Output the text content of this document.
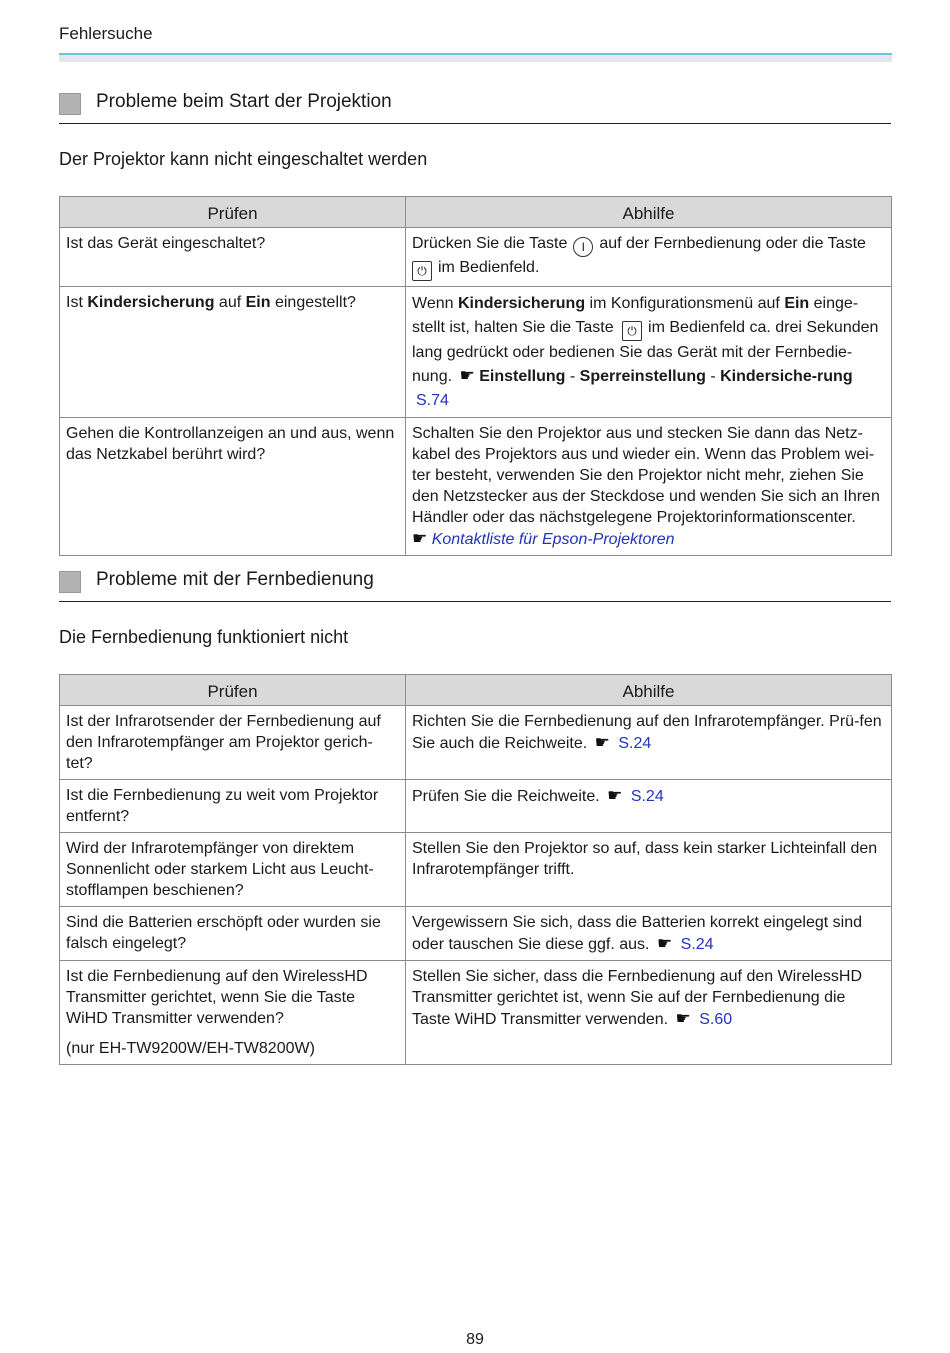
Fehlersuche
Probleme beim Start der Projektion
Der Projektor kann nicht eingeschaltet werden
Prüfen	Abhilfe
Ist das Gerät eingeschaltet?	Drücken Sie die Taste I auf der Fernbedienung oder die Taste
⏻ im Bedienfeld.
Ist Kindersicherung auf Ein eingestellt?	Wenn Kindersicherung im Konfigurationsmenü auf Ein einge-stellt ist, halten Sie die Taste ⏻ im Bedienfeld ca. drei Sekunden lang gedrückt oder bedienen Sie das Gerät mit der Fernbedie-nung. ☛ Einstellung - Sperreinstellung - Kindersiche-rung S.74
Gehen die Kontrollanzeigen an und aus, wenn das Netzkabel berührt wird?	Schalten Sie den Projektor aus und stecken Sie dann das Netz-kabel des Projektors aus und wieder ein. Wenn das Problem wei-ter besteht, verwenden Sie den Projektor nicht mehr, ziehen Sie den Netzstecker aus der Steckdose und wenden Sie sich an Ihren Händler oder das nächstgelegene Projektorinformationscenter.
☛ Kontaktliste für Epson-Projektoren
Probleme mit der Fernbedienung
Die Fernbedienung funktioniert nicht
Prüfen	Abhilfe
Ist der Infrarotsender der Fernbedienung auf den Infrarotempfänger am Projektor gerich-tet?	Richten Sie die Fernbedienung auf den Infrarotempfänger. Prü-fen Sie auch die Reichweite. ☛ S.24
Ist die Fernbedienung zu weit vom Projektor entfernt?	Prüfen Sie die Reichweite. ☛ S.24
Wird der Infrarotempfänger von direktem Sonnenlicht oder starkem Licht aus Leucht-stofflampen beschienen?	Stellen Sie den Projektor so auf, dass kein starker Lichteinfall den Infrarotempfänger trifft.
Sind die Batterien erschöpft oder wurden sie falsch eingelegt?	Vergewissern Sie sich, dass die Batterien korrekt eingelegt sind oder tauschen Sie diese ggf. aus. ☛ S.24

Ist die Fernbedienung auf den WirelessHD Transmitter gerichtet, wenn Sie die Taste WiHD Transmitter verwenden?
(nur EH-TW9200W/EH-TW8200W)	Stellen Sie sicher, dass die Fernbedienung auf den WirelessHD Transmitter gerichtet ist, wenn Sie auf der Fernbedienung die Taste WiHD Transmitter verwenden. ☛ S.60
89
